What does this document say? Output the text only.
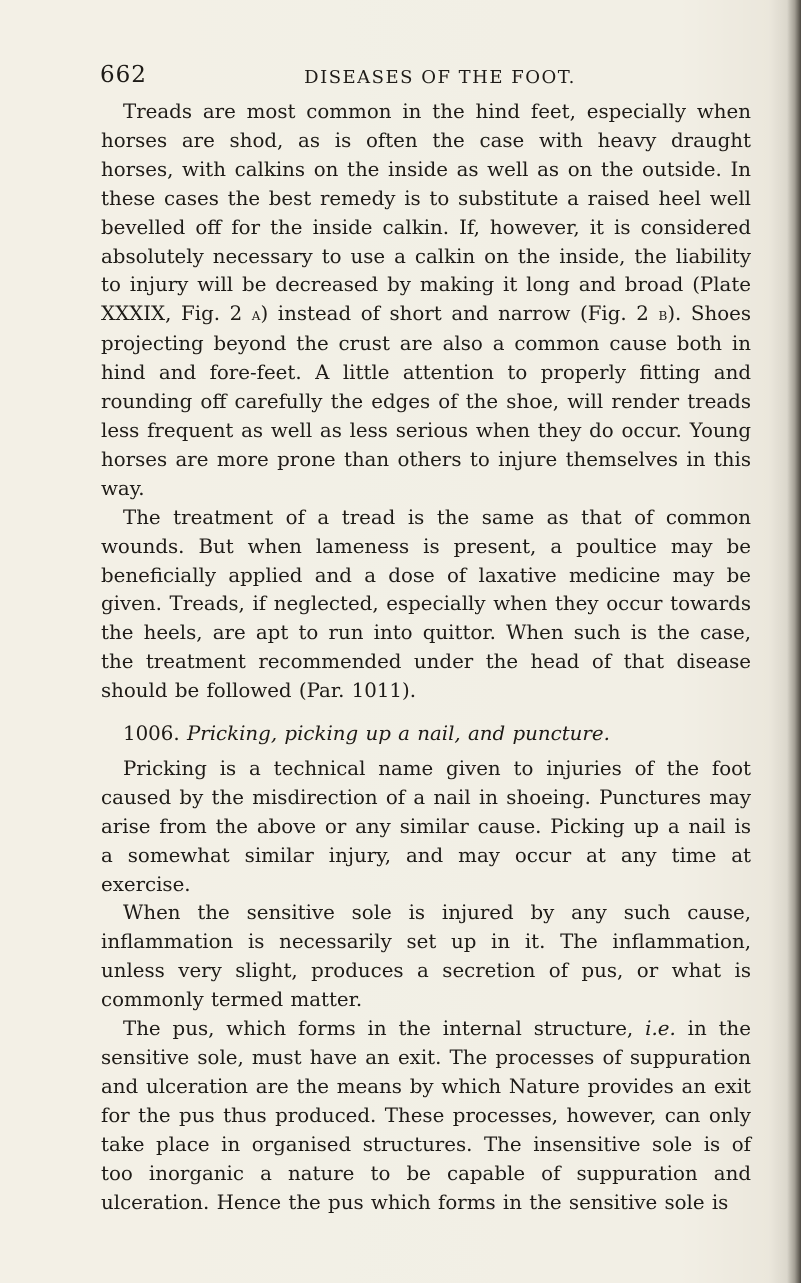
662	DISEASES OF THE FOOT.

Treads are most common in the hind feet, especially when horses are shod, as is often the case with heavy draught horses, with calkins on the inside as well as on the outside. In these cases the best remedy is to substitute a raised heel well bevelled off for the inside calkin. If, however, it is considered absolutely necessary to use a calkin on the inside, the liability to injury will be decreased by making it long and broad (Plate XXXIX, Fig. 2 a) instead of short and narrow (Fig. 2 b). Shoes projecting beyond the crust are also a common cause both in hind and fore-feet. A little attention to properly fitting and rounding off carefully the edges of the shoe, will render treads less frequent as well as less serious when they do occur. Young horses are more prone than others to injure themselves in this way.

The treatment of a tread is the same as that of common wounds. But when lameness is present, a poultice may be beneficially applied and a dose of laxative medicine may be given. Treads, if neglected, especially when they occur towards the heels, are apt to run into quittor. When such is the case, the treatment recommended under the head of that disease should be followed (Par. 1011).

1006. Pricking, picking up a nail, and puncture.

Pricking is a technical name given to injuries of the foot caused by the misdirection of a nail in shoeing. Punctures may arise from the above or any similar cause. Picking up a nail is a somewhat similar injury, and may occur at any time at exercise.

When the sensitive sole is injured by any such cause, inflammation is necessarily set up in it. The inflammation, unless very slight, produces a secretion of pus, or what is commonly termed matter.

The pus, which forms in the internal structure, i.e. in the sensitive sole, must have an exit. The processes of suppuration and ulceration are the means by which Nature provides an exit for the pus thus produced. These processes, however, can only take place in organised structures. The insensitive sole is of too inorganic a nature to be capable of suppuration and ulceration. Hence the pus which forms in the sensitive sole is
